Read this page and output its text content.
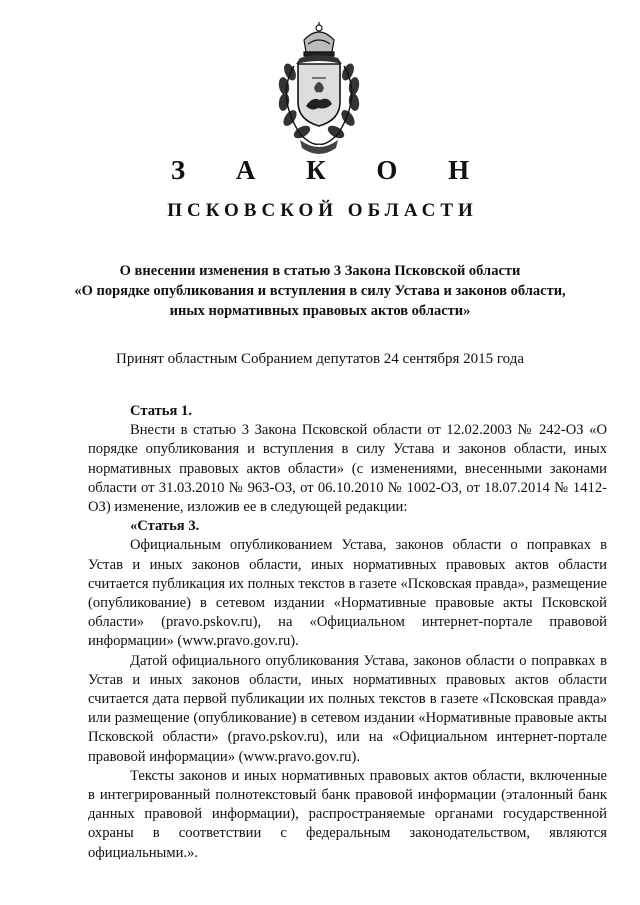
З А К О Н
ПСКОВСКОЙ ОБЛАСТИ
О внесении изменения в статью 3 Закона Псковской области
«О порядке опубликования и вступления в силу Устава и законов области,
иных нормативных правовых актов области»
Принят областным Собранием депутатов 24 сентября 2015 года

Статья 1.

Внести в статью 3 Закона Псковской области от 12.02.2003 № 242-ОЗ «О порядке опубликования и вступления в силу Устава и законов области, иных нормативных правовых актов области» (с изменениями, внесенными законами области от 31.03.2010 № 963-ОЗ, от 06.10.2010 № 1002-ОЗ, от 18.07.2014 № 1412-ОЗ) изменение, изложив ее в следующей редакции:

«Статья 3.

Официальным опубликованием Устава, законов области о поправках в Устав и иных законов области, иных нормативных правовых актов области считается публикация их полных текстов в газете «Псковская правда», размещение (опубликование) в сетевом издании «Нормативные правовые акты Псковской области» (pravo.pskov.ru), на «Официальном интернет-портале правовой информации» (www.pravo.gov.ru).

Датой официального опубликования Устава, законов области о поправках в Устав и иных законов области, иных нормативных правовых актов области считается дата первой публикации их полных текстов в газете «Псковская правда» или размещение (опубликование) в сетевом издании «Нормативные правовые акты Псковской области» (pravo.pskov.ru), или на «Официальном интернет-портале правовой информации» (www.pravo.gov.ru).

Тексты законов и иных нормативных правовых актов области, включенные в интегрированный полнотекстовый банк правовой информации (эталонный банк данных правовой информации), распространяемые органами государственной охраны в соответствии с федеральным законодательством, являются официальными.».
